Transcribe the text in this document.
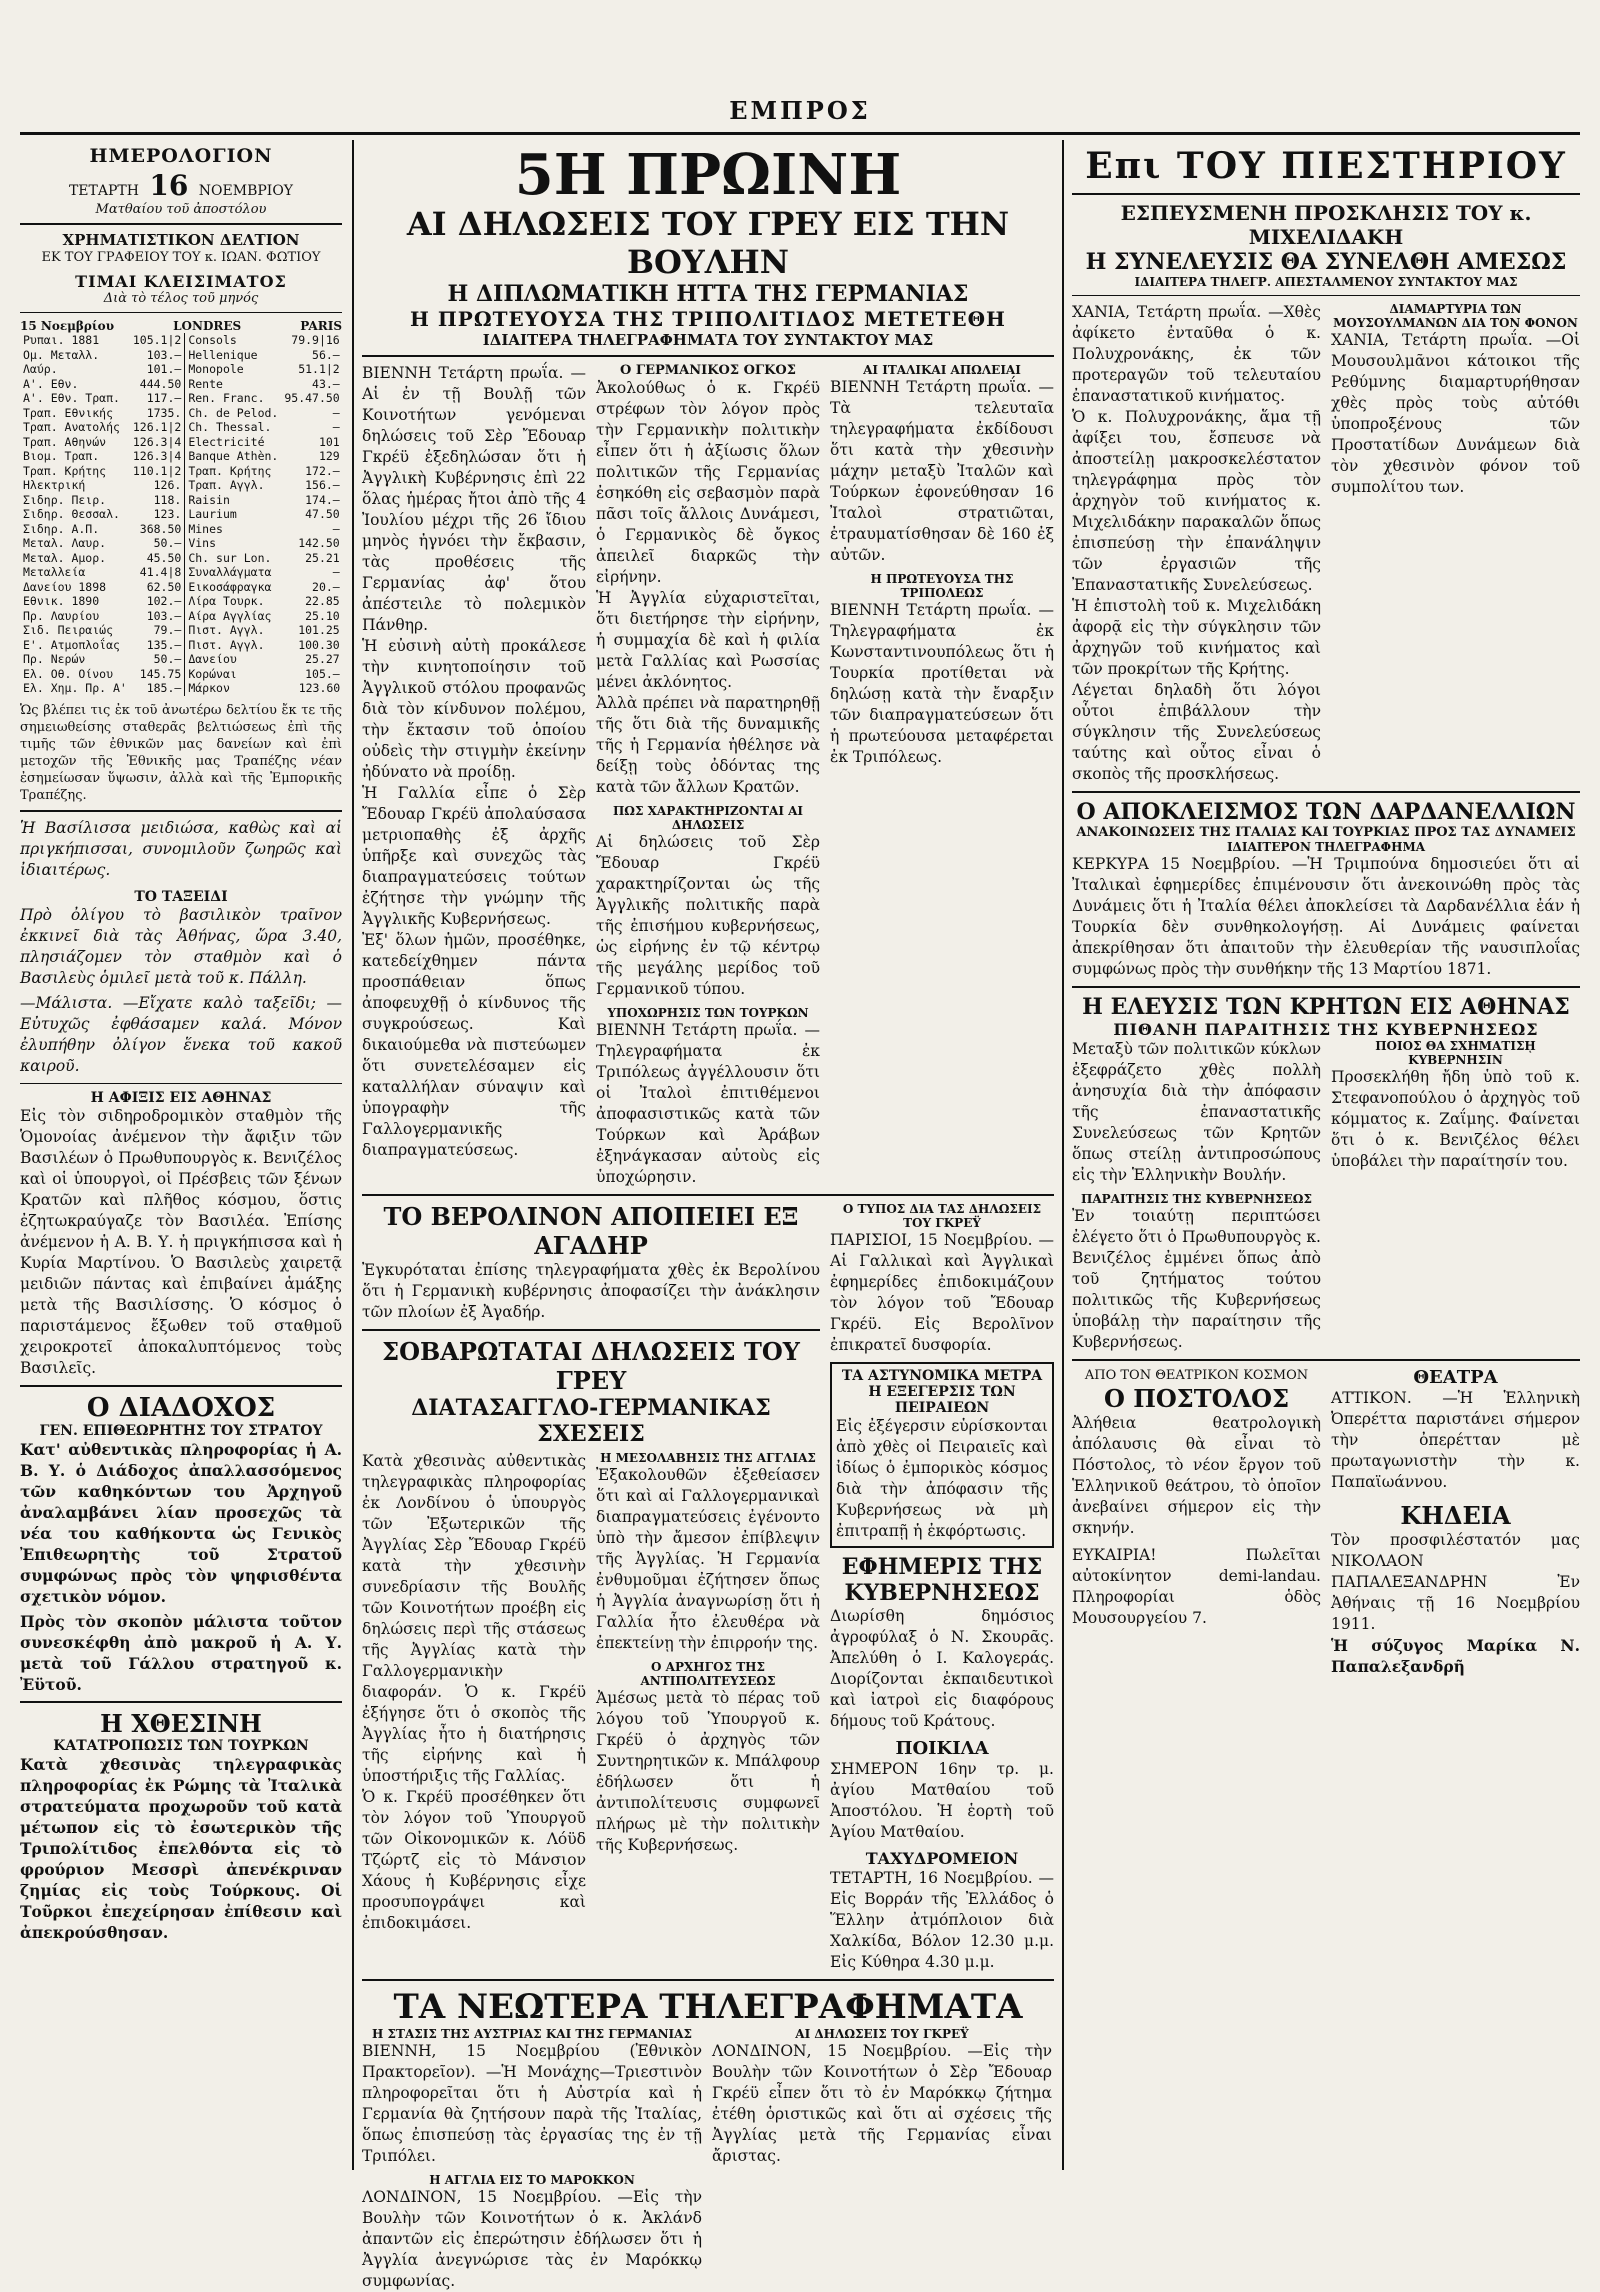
ΕΜΠΡΟΣ
ΗΜΕΡΟΛΟΓΙΟΝ
ΤΕΤΑΡΤΗ 16 ΝΟΕΜΒΡΙΟΥ
Ματθαίου τοῦ ἀποστόλου
ΧΡΗΜΑΤΙΣΤΙΚΟΝ ΔΕΛΤΙΟΝ
ΕΚ ΤΟΥ ΓΡΑΦΕΙΟΥ ΤΟΥ κ. ΙΩΑΝ. ΦΩΤΙΟΥ
ΤΙΜΑΙ ΚΛΕΙΣΙΜΑΤΟΣ
Διὰ τὸ τέλος τοῦ μηνός
15 Νοεμβρίου	LONDRES	PARIS
Ρυπαι. 1881	105.1|2
Ομ. Μεταλλ.	103.—
Λαύρ.	101.—
Α'. Εθν.	444.50
Α'. Εθν. Τραπ.	117.—
Τραπ. Εθνικής	1735.
Τραπ. Ανατολής	126.1|2
Τραπ. Αθηνών	126.3|4
Βιομ. Τραπ.	126.3|4
Τραπ. Κρήτης	110.1|2
Ηλεκτρική	126.
Σιδηρ. Πειρ.	118.
Σιδηρ. Θεσσαλ.	123.
Σιδηρ. Α.Π.	368.50
Μεταλ. Λαυρ.	50.—
Μεταλ. Αμορ.	45.50
Μεταλλεία	41.4|8
Δανείου 1898	62.50
Εθνικ. 1890	102.—
Πρ. Λαυρίου	103.—
Σιδ. Πειραιώς	79.—
Ε'. Ατμοπλοΐας	135.—
Πρ. Νερών	50.—
Ελ. Οθ. Οίνου	145.75
Ελ. Χημ. Πρ. Α'	185.—
Consols	79.9|16
Hellenique	56.—
Monopole	51.1|2
Rente	43.—
Ren. Franc.	95.47.50
Ch. de Pelod.	—
Ch. Thessal.	—
Electricité	101
Banque Athèn.	129
Τραπ. Κρήτης	172.—
Τραπ. Αγγλ.	156.—
Raisin	174.—
Laurium	47.50
Mines	—
Vins	142.50
Ch. sur Lon.	25.21
Συναλλάγματα	—
Εικοσάφραγκα	20.—
Λίρα Τουρκ.	22.85
Αίρα Αγγλίας	25.10
Πιστ. Αγγλ.	101.25
Πιστ. Αγγλ.	100.30
Δανείου	25.27
Κορώναι	105.—
Μάρκον	123.60
Ὡς βλέπει τις ἐκ τοῦ ἀνωτέρω δελτίου ἔκ τε τῆς σημειωθείσης σταθερᾶς βελτιώσεως ἐπὶ τῆς τιμῆς τῶν ἐθνικῶν μας δανείων καὶ ἐπὶ μετοχῶν τῆς Ἐθνικῆς μας Τραπέζης νέαν ἐσημείωσαν ὕψωσιν, ἀλλὰ καὶ τῆς Ἐμπορικῆς Τραπέζης.
Ἡ Βασίλισσα μειδιώσα, καθὼς καὶ αἱ πριγκήπισσαι, συνομιλοῦν ζωηρῶς καὶ ἰδιαιτέρως.
ΤΟ ΤΑΞΕΙΔΙ
Πρὸ ὀλίγου τὸ βασιλικὸν τραῖνον ἐκκινεῖ διὰ τὰς Ἀθήνας, ὥρα 3.40, πλησιάζομεν τὸν σταθμὸν καὶ ὁ Βασιλεὺς ὁμιλεῖ μετὰ τοῦ κ. Πάλλη.
—Μάλιστα. —Εἴχατε καλὸ ταξεῖδι; —Εὐτυχῶς ἐφθάσαμεν καλά. Μόνον ἐλυπήθην ὀλίγον ἕνεκα τοῦ κακοῦ καιροῦ.
Η ΑΦΙΞΙΣ ΕΙΣ ΑΘΗΝΑΣ
Εἰς τὸν σιδηροδρομικὸν σταθμὸν τῆς Ὁμονοίας ἀνέμενον τὴν ἄφιξιν τῶν Βασιλέων ὁ Πρωθυπουργὸς κ. Βενιζέλος καὶ οἱ ὑπουργοὶ, οἱ Πρέσβεις τῶν ξένων Κρατῶν καὶ πλῆθος κόσμου, ὅστις ἐζητωκραύγαζε τὸν Βασιλέα. Ἐπίσης ἀνέμενον ἡ Α. Β. Υ. ἡ πριγκήπισσα καὶ ἡ Κυρία Μαρτίνου. Ὁ Βασιλεὺς χαιρετᾷ μειδιῶν πάντας καὶ ἐπιβαίνει ἁμάξης μετὰ τῆς Βασιλίσσης. Ὁ κόσμος ὁ παριστάμενος ἔξωθεν τοῦ σταθμοῦ χειροκροτεῖ ἀποκαλυπτόμενος τοὺς Βασιλεῖς.
Ο ΔΙΑΔΟΧΟΣ
ΓΕΝ. ΕΠΙΘΕΩΡΗΤΗΣ ΤΟΥ ΣΤΡΑΤΟΥ
Κατ' αὐθεντικὰς πληροφορίας ἡ Α. Β. Υ. ὁ Διάδοχος ἀπαλλασσόμενος τῶν καθηκόντων του Ἀρχηγοῦ ἀναλαμβάνει λίαν προσεχῶς τὰ νέα του καθήκοντα ὡς Γενικὸς Ἐπιθεωρητὴς τοῦ Στρατοῦ συμφώνως πρὸς τὸν ψηφισθέντα σχετικὸν νόμον.
Πρὸς τὸν σκοπὸν μάλιστα τοῦτον συνεσκέφθη ἀπὸ μακροῦ ἡ Α. Υ. μετὰ τοῦ Γάλλου στρατηγοῦ κ. Ἐϋτοῦ.
Η ΧΘΕΣΙΝΗ
ΚΑΤΑΤΡΟΠΩΣΙΣ ΤΩΝ ΤΟΥΡΚΩΝ
Κατὰ χθεσινὰς τηλεγραφικὰς πληροφορίας ἐκ Ρώμης τὰ Ἰταλικὰ στρατεύματα προχωροῦν τοῦ κατὰ μέτωπον εἰς τὸ ἐσωτερικὸν τῆς Τριπολίτιδος ἐπελθόντα εἰς τὸ φρούριον Μεσσρὶ ἀπενέκριναν ζημίας εἰς τοὺς Τούρκους. Οἱ Τοῦρκοι ἐπεχείρησαν ἐπίθεσιν καὶ ἀπεκρούσθησαν.
5Η ΠΡΩΙΝΗ
ΑΙ ΔΗΛΩΣΕΙΣ ΤΟΥ ΓΡΕΥ ΕΙΣ ΤΗΝ ΒΟΥΛΗΝ
Η ΔΙΠΛΩΜΑΤΙΚΗ ΗΤΤΑ ΤΗΣ ΓΕΡΜΑΝΙΑΣ
Η ΠΡΩΤΕΥΟΥΣΑ ΤΗΣ ΤΡΙΠΟΛΙΤΙΔΟΣ ΜΕΤΕΤΕΘΗ
ΙΔΙΑΙΤΕΡΑ ΤΗΛΕΓΡΑΦΗΜΑΤΑ ΤΟΥ ΣΥΝΤΑΚΤΟΥ ΜΑΣ
ΒΙΕΝΝΗ Τετάρτη πρωΐα. —Αἱ ἐν τῇ Βουλῇ τῶν Κοινοτήτων γενόμεναι δηλώσεις τοῦ Σὲρ Ἔδουαρ Γκρέϋ ἐξεδηλώσαν ὅτι ἡ Ἀγγλικὴ Κυβέρνησις ἐπὶ 22 ὅλας ἡμέρας ἤτοι ἀπὸ τῆς 4 Ἰουλίου μέχρι τῆς 26 ἴδιου μηνὸς ἠγνόει τὴν ἔκβασιν, τὰς προθέσεις τῆς Γερμανίας ἀφ' ὅτου ἀπέστειλε τὸ πολεμικὸν Πάνθηρ.
Ἡ εὐσινὴ αὐτὴ προκάλεσε τὴν κινητοποίησιν τοῦ Ἀγγλικοῦ στόλου προφανῶς διὰ τὸν κίνδυνον πολέμου, τὴν ἔκτασιν τοῦ ὁποίου οὐδεὶς τὴν στιγμὴν ἐκείνην ἠδύνατο νὰ προίδῃ.
Ἡ Γαλλία εἶπε ὁ Σὲρ Ἔδουαρ Γκρέϋ ἀπολαύσασα μετριοπαθὴς ἐξ ἀρχῆς ὑπῆρξε καὶ συνεχῶς τὰς διαπραγματεύσεις τούτων ἐζήτησε τὴν γνώμην τῆς Ἀγγλικῆς Κυβερνήσεως.
Ἐξ' ὅλων ἡμῶν, προσέθηκε, κατεδείχθημεν πάντα προσπάθειαν ὅπως ἀποφευχθῇ ὁ κίνδυνος τῆς συγκρούσεως. Καὶ δικαιούμεθα νὰ πιστεύωμεν ὅτι συνετελέσαμεν εἰς καταλλήλαν σύναψιν καὶ ὑπογραφὴν τῆς Γαλλογερμανικῆς διαπραγματεύσεως.
Ο ΓΕΡΜΑΝΙΚΟΣ ΟΓΚΟΣ
Ἀκολούθως ὁ κ. Γκρέϋ στρέφων τὸν λόγον πρὸς τὴν Γερμανικὴν πολιτικὴν εἶπεν ὅτι ἡ ἀξίωσις ὅλων πολιτικῶν τῆς Γερμανίας ἐσηκόθη εἰς σεβασμὸν παρὰ πᾶσι τοῖς ἄλλοις Δυνάμεσι, ὁ Γερμανικὸς δὲ ὄγκος ἀπειλεῖ διαρκῶς τὴν εἰρήνην.
Ἡ Ἀγγλία εὐχαριστεῖται, ὅτι διετήρησε τὴν εἰρήνην, ἡ συμμαχία δὲ καὶ ἡ φιλία μετὰ Γαλλίας καὶ Ρωσσίας μένει ἀκλόνητος.
Ἀλλὰ πρέπει νὰ παρατηρηθῇ τῆς ὅτι διὰ τῆς δυναμικῆς τῆς ἡ Γερμανία ἠθέλησε νὰ δείξῃ τοὺς ὀδόντας της κατὰ τῶν ἄλλων Κρατῶν.
ΠΩΣ ΧΑΡΑΚΤΗΡΙΖΟΝΤΑΙ ΑΙ ΔΗΛΩΣΕΙΣ
Αἱ δηλώσεις τοῦ Σὲρ Ἔδουαρ Γκρέϋ χαρακτηρίζονται ὡς τῆς Ἀγγλικῆς πολιτικῆς παρὰ τῆς ἐπισήμου κυβερνήσεως, ὡς εἰρήνης ἐν τῷ κέντρῳ τῆς μεγάλης μερίδος τοῦ Γερμανικοῦ τύπου.
ΥΠΟΧΩΡΗΣΙΣ ΤΩΝ ΤΟΥΡΚΩΝ
ΒΙΕΝΝΗ Τετάρτη πρωΐα. —Τηλεγραφήματα ἐκ Τριπόλεως ἀγγέλλουσιν ὅτι οἱ Ἰταλοὶ ἐπιτιθέμενοι ἀποφασιστικῶς κατὰ τῶν Τούρκων καὶ Ἀράβων ἐξηνάγκασαν αὐτοὺς εἰς ὑποχώρησιν.
ΑΙ ΙΤΑΛΙΚΑΙ ΑΠΩΛΕΙΑΙ
ΒΙΕΝΝΗ Τετάρτη πρωΐα. —Τὰ τελευταῖα τηλεγραφήματα ἐκδίδουσι ὅτι κατὰ τὴν χθεσινὴν μάχην μεταξὺ Ἰταλῶν καὶ Τούρκων ἐφονεύθησαν 16 Ἰταλοὶ στρατιῶται, ἐτραυματίσθησαν δὲ 160 ἐξ αὐτῶν.
Η ΠΡΩΤΕΥΟΥΣΑ ΤΗΣ ΤΡΙΠΟΛΕΩΣ
ΒΙΕΝΝΗ Τετάρτη πρωΐα. —Τηλεγραφήματα ἐκ Κωνσταντινουπόλεως ὅτι ἡ Τουρκία προτίθεται νὰ δηλώσῃ κατὰ τὴν ἔναρξιν τῶν διαπραγματεύσεων ὅτι ἡ πρωτεύουσα μεταφέρεται ἐκ Τριπόλεως.
ΤΟ ΒΕΡΟΛΙΝΟΝ ΑΠΟΠΕΙΕΙ ΕΞ ΑΓΑΔΗΡ
Ἐγκυρόταται ἐπίσης τηλεγραφήματα χθὲς ἐκ Βερολίνου ὅτι ἡ Γερμανικὴ κυβέρνησις ἀποφασίζει τὴν ἀνάκλησιν τῶν πλοίων ἐξ Ἀγαδήρ.
ΣΟΒΑΡΩΤΑΤΑΙ ΔΗΛΩΣΕΙΣ ΤΟΥ ΓΡΕΥ
ΔΙΑΤΑΣΑΓΓΛΟ-ΓΕΡΜΑΝΙΚΑΣ ΣΧΕΣΕΙΣ
Κατὰ χθεσινὰς αὐθεντικὰς τηλεγραφικὰς πληροφορίας ἐκ Λονδίνου ὁ ὑπουργὸς τῶν Ἐξωτερικῶν τῆς Ἀγγλίας Σὲρ Ἔδουαρ Γκρέϋ κατὰ τὴν χθεσινὴν συνεδρίασιν τῆς Βουλῆς τῶν Κοινοτήτων προέβη εἰς δηλώσεις περὶ τῆς στάσεως τῆς Ἀγγλίας κατὰ τὴν Γαλλογερμανικὴν διαφοράν. Ὁ κ. Γκρέϋ ἐξήγησε ὅτι ὁ σκοπὸς τῆς Ἀγγλίας ἦτο ἡ διατήρησις τῆς εἰρήνης καὶ ἡ ὑποστήριξις τῆς Γαλλίας.
Ὁ κ. Γκρέϋ προσέθηκεν ὅτι τὸν λόγον τοῦ Ὑπουργοῦ τῶν Οἰκονομικῶν κ. Λόϋδ Τζώρτζ εἰς τὸ Μάνσιον Χάους ἡ Κυβέρνησις εἶχε προσυπογράψει καὶ ἐπιδοκιμάσει.
Η ΜΕΣΟΛΑΒΗΣΙΣ ΤΗΣ ΑΓΓΛΙΑΣ
Ἐξακολουθῶν ἐξεθείασεν ὅτι καὶ αἱ Γαλλογερμανικαὶ διαπραγματεύσεις ἐγένοντο ὑπὸ τὴν ἄμεσον ἐπίβλεψιν τῆς Ἀγγλίας. Ἡ Γερμανία ἐνθυμοῦμαι ἐζήτησεν ὅπως ἡ Ἀγγλία ἀναγνωρίσῃ ὅτι ἡ Γαλλία ἦτο ἐλευθέρα νὰ ἐπεκτείνῃ τὴν ἐπιρροήν της.
Ο ΑΡΧΗΓΟΣ ΤΗΣ ΑΝΤΙΠΟΛΙΤΕΥΣΕΩΣ
Ἀμέσως μετὰ τὸ πέρας τοῦ λόγου τοῦ Ὑπουργοῦ κ. Γκρέϋ ὁ ἀρχηγὸς τῶν Συντηρητικῶν κ. Μπάλφουρ ἐδήλωσεν ὅτι ἡ ἀντιπολίτευσις συμφωνεῖ πλήρως μὲ τὴν πολιτικὴν τῆς Κυβερνήσεως.
Ο ΤΥΠΟΣ ΔΙΑ ΤΑΣ ΔΗΛΩΣΕΙΣ ΤΟΥ ΓΚΡΕΫ
ΠΑΡΙΣΙΟΙ, 15 Νοεμβρίου. —Αἱ Γαλλικαὶ καὶ Ἀγγλικαὶ ἐφημερίδες ἐπιδοκιμάζουν τὸν λόγον τοῦ Ἔδουαρ Γκρέϋ. Εἰς Βερολῖνον ἐπικρατεῖ δυσφορία.
ΤΑ ΑΣΤΥΝΟΜΙΚΑ ΜΕΤΡΑ
Η ΕΞΕΓΕΡΣΙΣ ΤΩΝ ΠΕΙΡΑΙΕΩΝ
Εἰς ἐξέγερσιν εὑρίσκονται ἀπὸ χθὲς οἱ Πειραιεῖς καὶ ἰδίως ὁ ἐμπορικὸς κόσμος διὰ τὴν ἀπόφασιν τῆς Κυβερνήσεως νὰ μὴ ἐπιτραπῇ ἡ ἐκφόρτωσις.
ΕΦΗΜΕΡΙΣ ΤΗΣ ΚΥΒΕΡΝΗΣΕΩΣ
Διωρίσθη δημόσιος ἀγροφύλαξ ὁ Ν. Σκουρᾶς. Ἀπελύθη ὁ Ι. Καλογεράς. Διορίζονται ἐκπαιδευτικοὶ καὶ ἰατροὶ εἰς διαφόρους δήμους τοῦ Κράτους.
ΠΟΙΚΙΛΑ
ΣΗΜΕΡΟΝ 16ην τρ. μ. ἀγίου Ματθαίου τοῦ Ἀποστόλου. Ἡ ἑορτὴ τοῦ Ἀγίου Ματθαίου.
ΤΑΧΥΔΡΟΜΕΙΟΝ
ΤΕΤΑΡΤΗ, 16 Νοεμβρίου. —Εἰς Βορράν τῆς Ἐλλάδος ὁ Ἕλλην ἀτμόπλοιον διὰ Χαλκίδα, Βόλον 12.30 μ.μ. Εἰς Κύθηρα 4.30 μ.μ.
ΤΑ ΝΕΩΤΕΡΑ ΤΗΛΕΓΡΑΦΗΜΑΤΑ
Η ΣΤΑΣΙΣ ΤΗΣ ΑΥΣΤΡΙΑΣ ΚΑΙ ΤΗΣ ΓΕΡΜΑΝΙΑΣ
ΒΙΕΝΝΗ, 15 Νοεμβρίου (Ἐθνικὸν Πρακτορεῖον). —Ἡ Μονάχης—Τριεστινὸν πληροφορεῖται ὅτι ἡ Αὐστρία καὶ ἡ Γερμανία θὰ ζητήσουν παρὰ τῆς Ἰταλίας, ὅπως ἐπισπεύσῃ τὰς ἐργασίας της ἐν τῇ Τριπόλει.
Η ΑΓΓΛΙΑ ΕΙΣ ΤΟ ΜΑΡΟΚΚΟΝ
ΛΟΝΔΙΝΟΝ, 15 Νοεμβρίου. —Εἰς τὴν Βουλὴν τῶν Κοινοτήτων ὁ κ. Ἀκλάνδ ἀπαντῶν εἰς ἐπερώτησιν ἐδήλωσεν ὅτι ἡ Ἀγγλία ἀνεγνώρισε τὰς ἐν Μαρόκκῳ συμφωνίας.
ΑΙ ΔΗΛΩΣΕΙΣ ΤΟΥ ΓΚΡΕΫ
ΛΟΝΔΙΝΟΝ, 15 Νοεμβρίου. —Εἰς τὴν Βουλὴν τῶν Κοινοτήτων ὁ Σὲρ Ἔδουαρ Γκρέϋ εἶπεν ὅτι τὸ ἐν Μαρόκκῳ ζήτημα ἐτέθη ὁριστικῶς καὶ ὅτι αἱ σχέσεις τῆς Ἀγγλίας μετὰ τῆς Γερμανίας εἶναι ἄριστας.
Επι ΤΟΥ ΠΙΕΣΤΗΡΙΟΥ
ΕΣΠΕΥΣΜΕΝΗ ΠΡΟΣΚΛΗΣΙΣ ΤΟΥ κ. ΜΙΧΕΛΙΔΑΚΗ
Η ΣΥΝΕΛΕΥΣΙΣ ΘΑ ΣΥΝΕΛΘΗ ΑΜΕΣΩΣ
ΙΔΙΑΙΤΕΡΑ ΤΗΛΕΓΡ. ΑΠΕΣΤΑΛΜΕΝΟΥ ΣΥΝΤΑΚΤΟΥ ΜΑΣ
ΧΑΝΙΑ, Τετάρτη πρωΐα. —Χθὲς ἀφίκετο ἐνταῦθα ὁ κ. Πολυχρονάκης, ἐκ τῶν προτεραγῶν τοῦ τελευταίου ἐπαναστατικοῦ κινήματος.
Ὁ κ. Πολυχρονάκης, ἅμα τῇ ἀφίξει του, ἔσπευσε νὰ ἀποστείλῃ μακροσκελέστατον τηλεγράφημα πρὸς τὸν ἀρχηγὸν τοῦ κινήματος κ. Μιχελιδάκην παρακαλῶν ὅπως ἐπισπεύσῃ τὴν ἐπανάληψιν τῶν ἐργασιῶν τῆς Ἐπαναστατικῆς Συνελεύσεως.
Ἡ ἐπιστολὴ τοῦ κ. Μιχελιδάκη ἀφορᾷ εἰς τὴν σύγκλησιν τῶν ἀρχηγῶν τοῦ κινήματος καὶ τῶν προκρίτων τῆς Κρήτης.
Λέγεται δηλαδὴ ὅτι λόγοι οὗτοι ἐπιβάλλουν τὴν σύγκλησιν τῆς Συνελεύσεως ταύτης καὶ οὗτος εἶναι ὁ σκοπὸς τῆς προσκλήσεως.
ΔΙΑΜΑΡΤΥΡΙΑ ΤΩΝ ΜΟΥΣΟΥΛΜΑΝΩΝ ΔΙΑ ΤΟΝ ΦΟΝΟΝ
ΧΑΝΙΑ, Τετάρτη πρωΐα. —Οἱ Μουσουλμᾶνοι κάτοικοι τῆς Ρεθύμνης διαμαρτυρήθησαν χθὲς πρὸς τοὺς αὐτόθι ὑποπροξένους τῶν Προστατίδων Δυνάμεων διὰ τὸν χθεσινὸν φόνον τοῦ συμπολίτου των.
Ο ΑΠΟΚΛΕΙΣΜΟΣ ΤΩΝ ΔΑΡΔΑΝΕΛΛΙΩΝ
ΑΝΑΚΟΙΝΩΣΕΙΣ ΤΗΣ ΙΤΑΛΙΑΣ ΚΑΙ ΤΟΥΡΚΙΑΣ ΠΡΟΣ ΤΑΣ ΔΥΝΑΜΕΙΣ
ΙΔΙΑΙΤΕΡΟΝ ΤΗΛΕΓΡΑΦΗΜΑ
ΚΕΡΚΥΡΑ 15 Νοεμβρίου. —Ἡ Τριμπούνα δημοσιεύει ὅτι αἱ Ἰταλικαὶ ἐφημερίδες ἐπιμένουσιν ὅτι ἀνεκοινώθη πρὸς τὰς Δυνάμεις ὅτι ἡ Ἰταλία θέλει ἀποκλείσει τὰ Δαρδανέλλια ἐάν ἡ Τουρκία δὲν συνθηκολογήσῃ. Αἱ Δυνάμεις φαίνεται ἀπεκρίθησαν ὅτι ἀπαιτοῦν τὴν ἐλευθερίαν τῆς ναυσιπλοΐας συμφώνως πρὸς τὴν συνθήκην τῆς 13 Μαρτίου 1871.
Η ΕΛΕΥΣΙΣ ΤΩΝ ΚΡΗΤΩΝ ΕΙΣ ΑΘΗΝΑΣ
ΠΙΘΑΝΗ ΠΑΡΑΙΤΗΣΙΣ ΤΗΣ ΚΥΒΕΡΝΗΣΕΩΣ
Μεταξὺ τῶν πολιτικῶν κύκλων ἐξεφράζετο χθὲς πολλὴ ἀνησυχία διὰ τὴν ἀπόφασιν τῆς ἐπαναστατικῆς Συνελεύσεως τῶν Κρητῶν ὅπως στείλῃ ἀντιπροσώπους εἰς τὴν Ἑλληνικὴν Βουλήν.
ΠΑΡΑΙΤΗΣΙΣ ΤΗΣ ΚΥΒΕΡΝΗΣΕΩΣ
Ἐν τοιαύτῃ περιπτώσει ἐλέγετο ὅτι ὁ Πρωθυπουργὸς κ. Βενιζέλος ἐμμένει ὅπως ἀπὸ τοῦ ζητήματος τούτου πολιτικῶς τῆς Κυβερνήσεως ὑποβάλῃ τὴν παραίτησιν τῆς Κυβερνήσεως.
ΠΟΙΟΣ ΘΑ ΣΧΗΜΑΤΙΣῌ ΚΥΒΕΡΝΗΣΙΝ
Προσεκλήθη ἤδη ὑπὸ τοῦ κ. Στεφανοπούλου ὁ ἀρχηγὸς τοῦ κόμματος κ. Ζαΐμης. Φαίνεται ὅτι ὁ κ. Βενιζέλος θέλει ὑποβάλει τὴν παραίτησίν του.
ΑΠΟ ΤΟΝ ΘΕΑΤΡΙΚΟΝ ΚΟΣΜΟΝ
Ο ΠΟΣΤΟΛΟΣ
Ἀλήθεια θεατρολογικὴ ἀπόλαυσις θὰ εἶναι τὸ Πόστολος, τὸ νέον ἔργον τοῦ Ἑλληνικοῦ θεάτρου, τὸ ὁποῖον ἀνεβαίνει σήμερον εἰς τὴν σκηνήν.
ΕΥΚΑΙΡΙΑ! Πωλεῖται αὐτοκίνητον demi-landau. Πληροφορίαι ὁδὸς Μουσουργείου 7.
ΘΕΑΤΡΑ
ΑΤΤΙΚΟΝ. —Ἡ Ἑλληνικὴ Ὀπερέττα παριστάνει σήμερον τὴν ὀπερέτταν μὲ πρωταγωνιστὴν τὴν κ. Παπαϊωάννου.
ΚΗΔΕΙΑ
Τὸν προσφιλέστατόν μας ΝΙΚΟΛΑΟΝ ΠΑΠΑΛΕΞΑΝΔΡΗΝ Ἐν Ἀθήναις τῇ 16 Νοεμβρίου 1911.
Ἡ σύζυγος Μαρίκα Ν. Παπαλεξανδρῆ
